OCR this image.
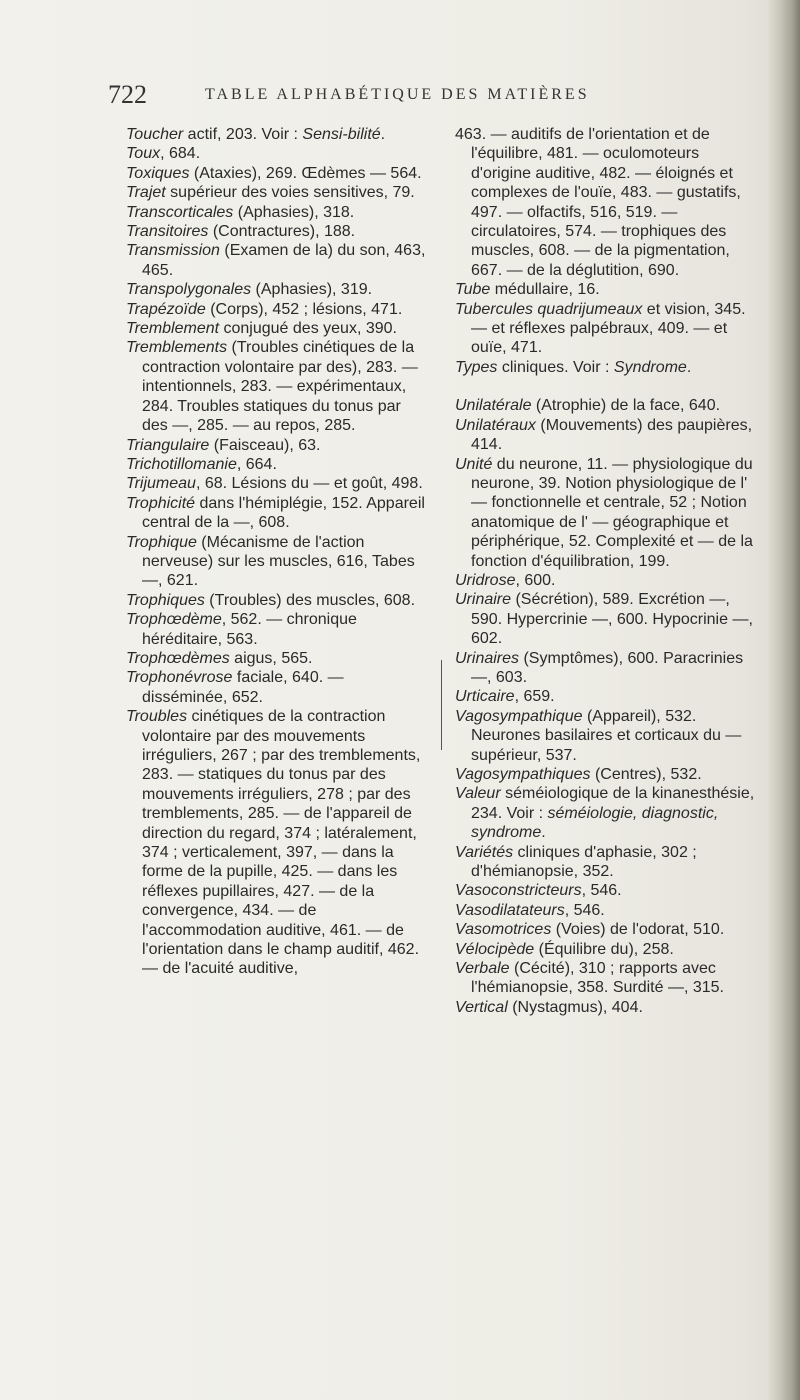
722	TABLE ALPHABÉTIQUE DES MATIÈRES

Toucher actif, 203. Voir : Sensi-bilité.

Toux, 684.

Toxiques (Ataxies), 269. Œdèmes — 564.

Trajet supérieur des voies sensitives, 79.

Transcorticales (Aphasies), 318.

Transitoires (Contractures), 188.

Transmission (Examen de la) du son, 463, 465.

Transpolygonales (Aphasies), 319.

Trapézoïde (Corps), 452 ; lésions, 471.

Tremblement conjugué des yeux, 390.

Tremblements (Troubles cinétiques de la contraction volontaire par des), 283. — intentionnels, 283. — expérimentaux, 284. Troubles statiques du tonus par des —, 285. — au repos, 285.

Triangulaire (Faisceau), 63.

Trichotillomanie, 664.

Trijumeau, 68. Lésions du — et goût, 498.

Trophicité dans l'hémiplégie, 152. Appareil central de la —, 608.

Trophique (Mécanisme de l'action nerveuse) sur les muscles, 616, Tabes —, 621.

Trophiques (Troubles) des muscles, 608.

Trophœdème, 562. — chronique héréditaire, 563.

Trophœdèmes aigus, 565.

Trophonévrose faciale, 640. — disséminée, 652.

Troubles cinétiques de la contraction volontaire par des mouvements irréguliers, 267 ; par des tremblements, 283. — statiques du tonus par des mouvements irréguliers, 278 ; par des tremblements, 285. — de l'appareil de direction du regard, 374 ; latéralement, 374 ; verticalement, 397, — dans la forme de la pupille, 425. — dans les réflexes pupillaires, 427. — de la convergence, 434. — de l'accommodation auditive, 461. — de l'orientation dans le champ auditif, 462. — de l'acuité auditive,

463. — auditifs de l'orientation et de l'équilibre, 481. — oculomoteurs d'origine auditive, 482. — éloignés et complexes de l'ouïe, 483. — gustatifs, 497. — olfactifs, 516, 519. — circulatoires, 574. — trophiques des muscles, 608. — de la pigmentation, 667. — de la déglutition, 690.

Tube médullaire, 16.

Tubercules quadrijumeaux et vision, 345. — et réflexes palpébraux, 409. — et ouïe, 471.

Types cliniques. Voir : Syndrome.

Unilatérale (Atrophie) de la face, 640.

Unilatéraux (Mouvements) des paupières, 414.

Unité du neurone, 11. — physiologique du neurone, 39. Notion physiologique de l' — fonctionnelle et centrale, 52 ; Notion anatomique de l' — géographique et périphérique, 52. Complexité et — de la fonction d'équilibration, 199.

Uridrose, 600.

Urinaire (Sécrétion), 589. Excrétion —, 590. Hypercrinie —, 600. Hypocrinie —, 602.

Urinaires (Symptômes), 600. Paracrinies —, 603.

Urticaire, 659.

Vagosympathique (Appareil), 532. Neurones basilaires et corticaux du — supérieur, 537.

Vagosympathiques (Centres), 532.

Valeur séméiologique de la kinanesthésie, 234. Voir : séméiologie, diagnostic, syndrome.

Variétés cliniques d'aphasie, 302 ; d'hémianopsie, 352.

Vasoconstricteurs, 546.

Vasodilatateurs, 546.

Vasomotrices (Voies) de l'odorat, 510.

Vélocipède (Équilibre du), 258.

Verbale (Cécité), 310 ; rapports avec l'hémianopsie, 358. Surdité —, 315.

Vertical (Nystagmus), 404.
